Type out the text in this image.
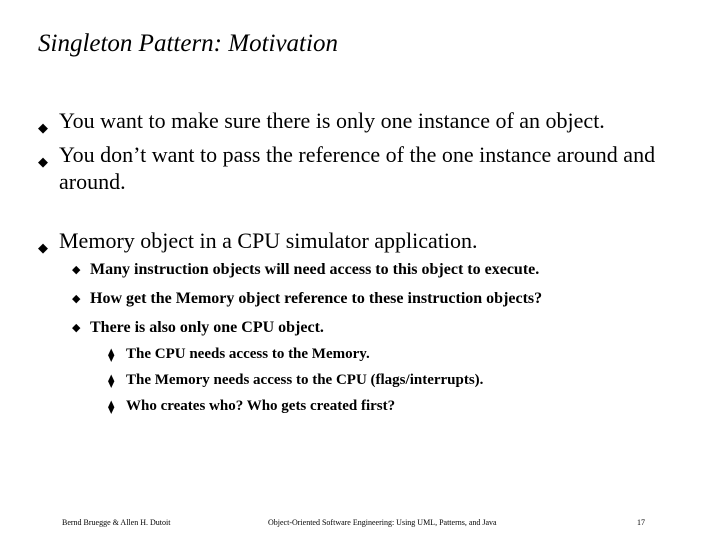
Singleton Pattern: Motivation
◆ You want to make sure there is only one instance of an object.
◆ You don’t want to pass the reference of the one instance around and around.
◆ Memory object in a CPU simulator application.
◆ Many instruction objects will need access to this object to execute.
◆ How get the Memory object reference to these instruction objects?
◆ There is also only one CPU object.
⧫ The CPU needs access to the Memory.
⧫ The Memory needs access to the CPU (flags/interrupts).
⧫ Who creates who? Who gets created first?
Bernd Bruegge & Allen H. Dutoit	Object-Oriented Software Engineering: Using UML, Patterns, and Java	17
